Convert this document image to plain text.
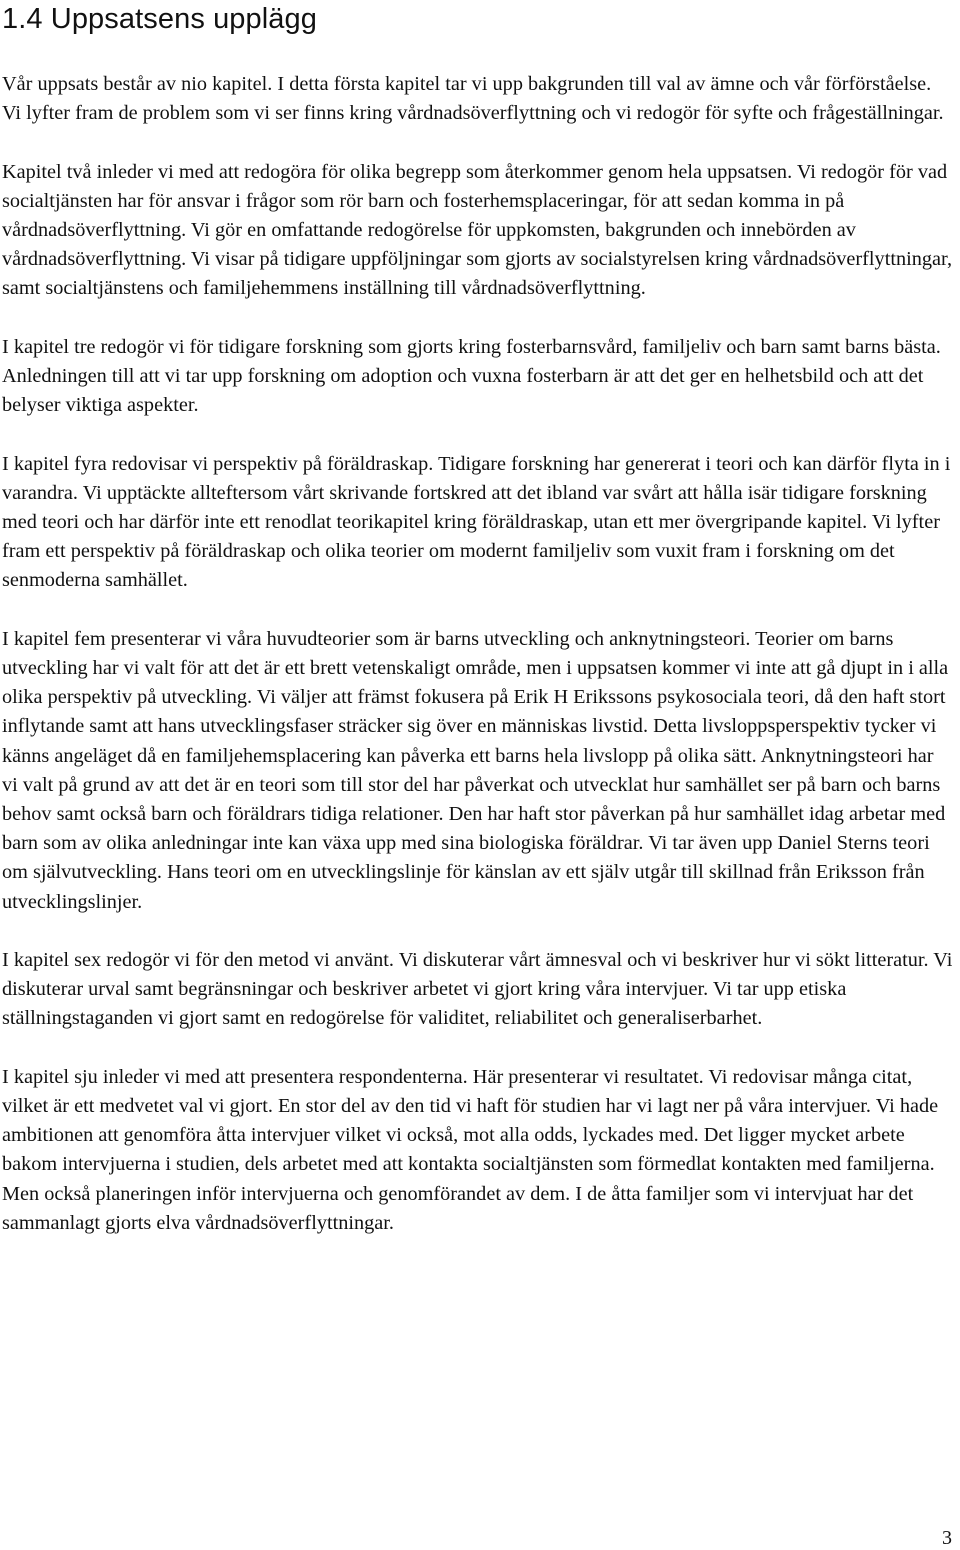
1.4 Uppsatsens upplägg

Vår uppsats består av nio kapitel. I detta första kapitel tar vi upp bakgrunden till val av ämne och vår förförståelse. Vi lyfter fram de problem som vi ser finns kring vårdnadsöverflyttning och vi redogör för syfte och frågeställningar.

Kapitel två inleder vi med att redogöra för olika begrepp som återkommer genom hela uppsatsen. Vi redogör för vad socialtjänsten har för ansvar i frågor som rör barn och fosterhemsplaceringar, för att sedan komma in på vårdnadsöverflyttning. Vi gör en omfattande redogörelse för uppkomsten, bakgrunden och innebörden av vårdnadsöverflyttning. Vi visar på tidigare uppföljningar som gjorts av socialstyrelsen kring vårdnadsöverflyttningar, samt socialtjänstens och familjehemmens inställning till vårdnadsöverflyttning.

I kapitel tre redogör vi för tidigare forskning som gjorts kring fosterbarnsvård, familjeliv och barn samt barns bästa. Anledningen till att vi tar upp forskning om adoption och vuxna fosterbarn är att det ger en helhetsbild och att det belyser viktiga aspekter.

I kapitel fyra redovisar vi perspektiv på föräldraskap. Tidigare forskning har genererat i teori och kan därför flyta in i varandra. Vi upptäckte allteftersom vårt skrivande fortskred att det ibland var svårt att hålla isär tidigare forskning med teori och har därför inte ett renodlat teorikapitel kring föräldraskap, utan ett mer övergripande kapitel. Vi lyfter fram ett perspektiv på föräldraskap och olika teorier om modernt familjeliv som vuxit fram i forskning om det senmoderna samhället.

I kapitel fem presenterar vi våra huvudteorier som är barns utveckling och anknytningsteori. Teorier om barns utveckling har vi valt för att det är ett brett vetenskaligt område, men i uppsatsen kommer vi inte att gå djupt in i alla olika perspektiv på utveckling. Vi väljer att främst fokusera på Erik H Erikssons psykosociala teori, då den haft stort inflytande samt att hans utvecklingsfaser sträcker sig över en människas livstid. Detta livsloppsperspektiv tycker vi känns angeläget då en familjehemsplacering kan påverka ett barns hela livslopp på olika sätt. Anknytningsteori har vi valt på grund av att det är en teori som till stor del har påverkat och utvecklat hur samhället ser på barn och barns behov samt också barn och föräldrars tidiga relationer. Den har haft stor påverkan på hur samhället idag arbetar med barn som av olika anledningar inte kan växa upp med sina biologiska föräldrar. Vi tar även upp Daniel Sterns teori om självutveckling. Hans teori om en utvecklingslinje för känslan av ett själv utgår till skillnad från Eriksson från utvecklingslinjer.

I kapitel sex redogör vi för den metod vi använt. Vi diskuterar vårt ämnesval och vi beskriver hur vi sökt litteratur. Vi diskuterar urval samt begränsningar och beskriver arbetet vi gjort kring våra intervjuer. Vi tar upp etiska ställningstaganden vi gjort samt en redogörelse för validitet, reliabilitet och generaliserbarhet.

I kapitel sju inleder vi med att presentera respondenterna. Här presenterar vi resultatet. Vi redovisar många citat, vilket är ett medvetet val vi gjort. En stor del av den tid vi haft för studien har vi lagt ner på våra intervjuer. Vi hade ambitionen att genomföra åtta intervjuer vilket vi också, mot alla odds, lyckades med. Det ligger mycket arbete bakom intervjuerna i studien, dels arbetet med att kontakta socialtjänsten som förmedlat kontakten med familjerna. Men också planeringen inför intervjuerna och genomförandet av dem. I de åtta familjer som vi intervjuat har det sammanlagt gjorts elva vårdnadsöverflyttningar.

3
